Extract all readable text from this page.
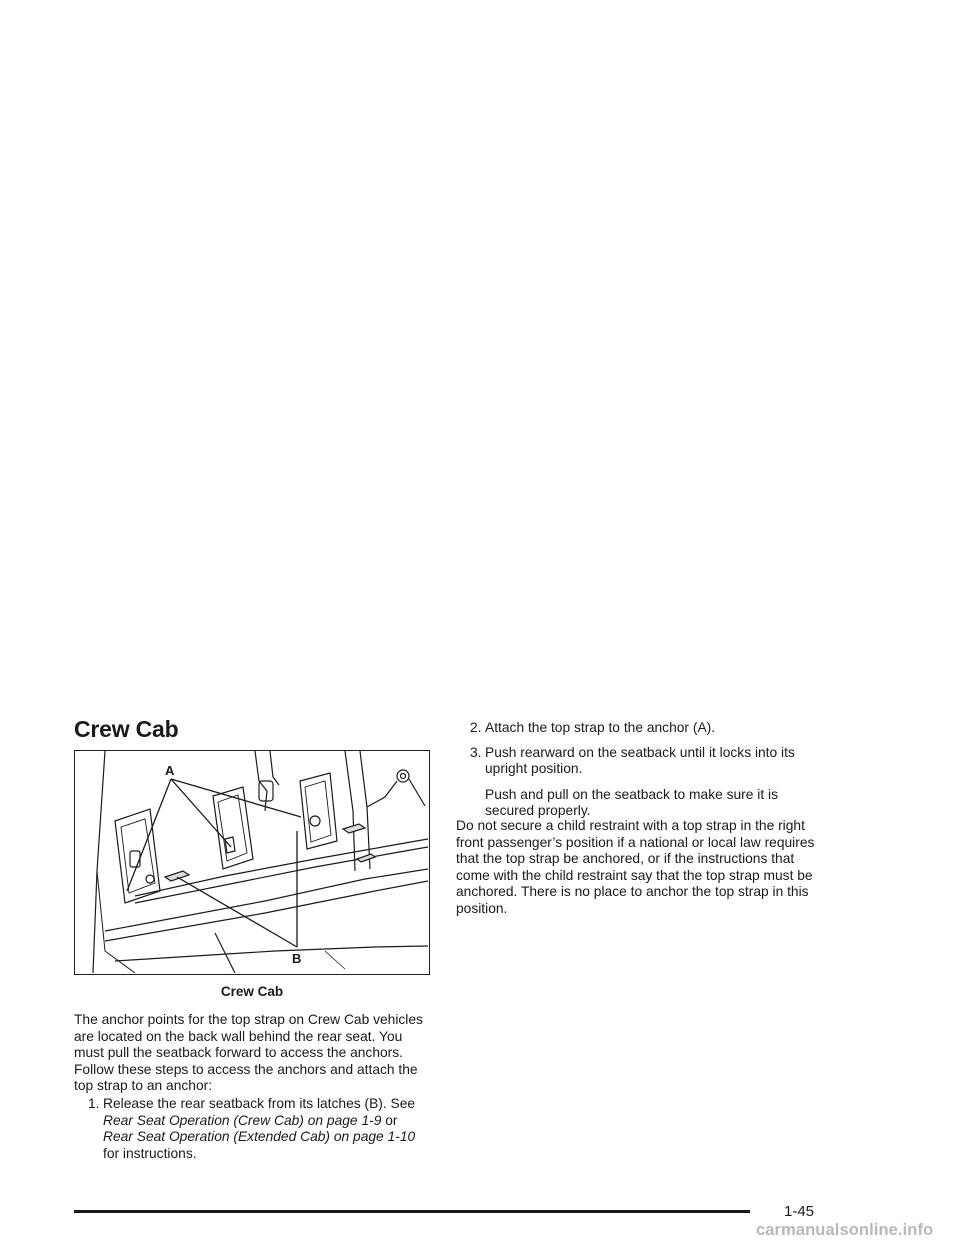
Crew Cab
A
B
Crew Cab

The anchor points for the top strap on Crew Cab vehicles are located on the back wall behind the rear seat. You must pull the seatback forward to access the anchors. Follow these steps to access the anchors and attach the top strap to an anchor:

1. Release the rear seatback from its latches (B). See
Rear Seat Operation (Crew Cab) on page 1-9 or
Rear Seat Operation (Extended Cab) on page 1-10
for instructions.
2. Attach the top strap to the anchor (A).
3. Push rearward on the seatback until it locks into its upright position.
Push and pull on the seatback to make sure it is secured properly.

Do not secure a child restraint with a top strap in the right front passenger’s position if a national or local law requires that the top strap be anchored, or if the instructions that come with the child restraint say that the top strap must be anchored. There is no place to anchor the top strap in this position.

1-45
carmanualsonline.info
